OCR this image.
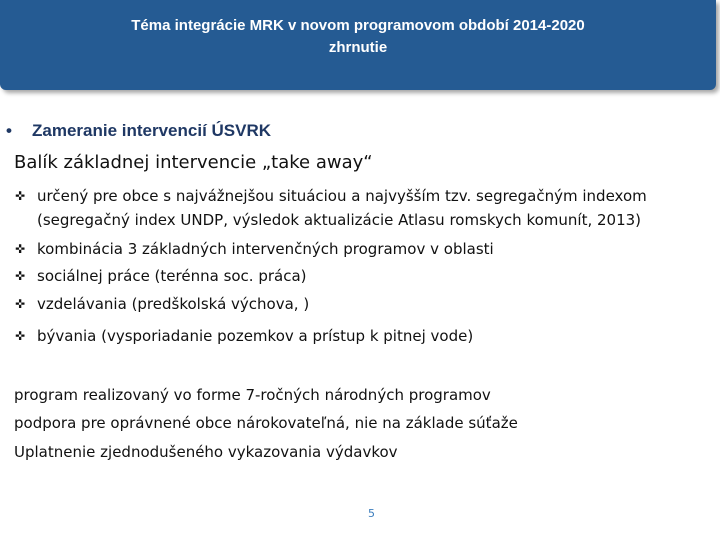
Téma integrácie MRK v novom programovom období 2014-2020
zhrnutie
• Zameranie intervencií ÚSVRK
Balík základnej intervencie „take away“
✜ určený pre obce s najvážnejšou situáciou a najvyšším tzv. segregačným indexom
(segregačný index UNDP, výsledok aktualizácie Atlasu romskych komunít, 2013)
✜ kombinácia 3 základných intervenčných programov v oblasti
✜ sociálnej práce (terénna soc. práca)
✜ vzdelávania (predškolská výchova, )
✜ bývania (vysporiadanie pozemkov a prístup k pitnej vode)
program realizovaný vo forme 7-ročných národných programov
podpora pre oprávnené obce nárokovateľná, nie na základe súťaže
Uplatnenie zjednodušeného vykazovania výdavkov
5
